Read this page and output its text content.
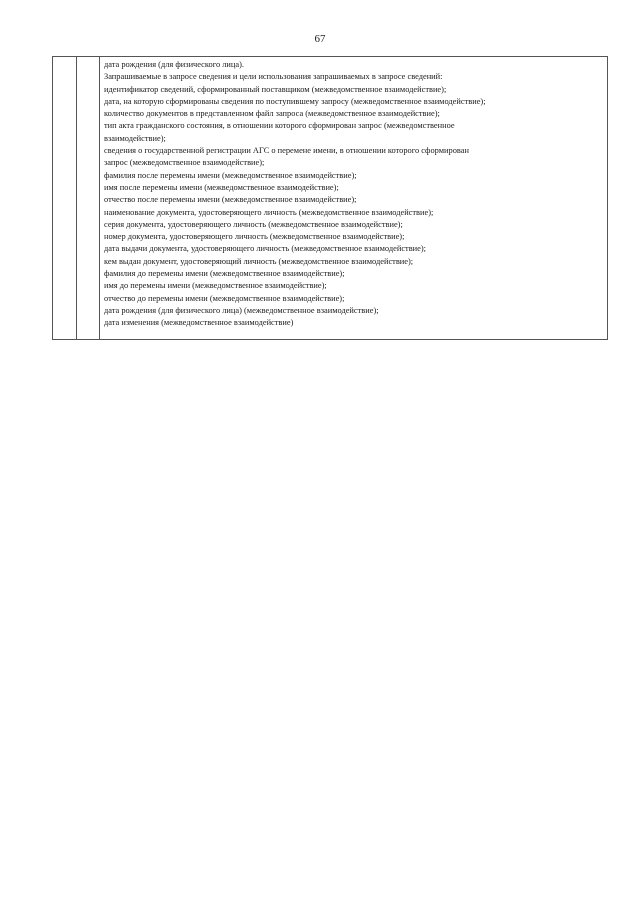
67
дата рождения (для физического лица).
Запрашиваемые в запросе сведения и цели использования запрашиваемых в запросе сведений:
идентификатор сведений, сформированный поставщиком (межведомственное взаимодействие);
дата, на которую сформированы сведения по поступившему запросу (межведомственное взаимодействие);
количество документов в представленном файл запроса (межведомственное взаимодействие);
тип акта гражданского состояния, в отношении которого сформирован запрос (межведомственное
взаимодействие);
сведения о государственной регистрации АГС о перемене имени, в отношении которого сформирован
запрос (межведомственное взаимодействие);
фамилия после перемены имени (межведомственное взаимодействие);
имя после перемены имени (межведомственное взаимодействие);
отчество после перемены имени (межведомственное взаимодействие);
наименование документа, удостоверяющего личность (межведомственное взаимодействие);
серия документа, удостоверяющего личность (межведомственное взаимодействие);
номер документа, удостоверяющего личность (межведомственное взаимодействие);
дата выдачи документа, удостоверяющего личность (межведомственное взаимодействие);
кем выдан документ, удостоверяющий личность (межведомственное взаимодействие);
фамилия до перемены имени (межведомственное взаимодействие);
имя до перемены имени (межведомственное взаимодействие);
отчество до перемены имени (межведомственное взаимодействие);
дата рождения (для физического лица) (межведомственное взаимодействие);
дата изменения (межведомственное взаимодействие)
